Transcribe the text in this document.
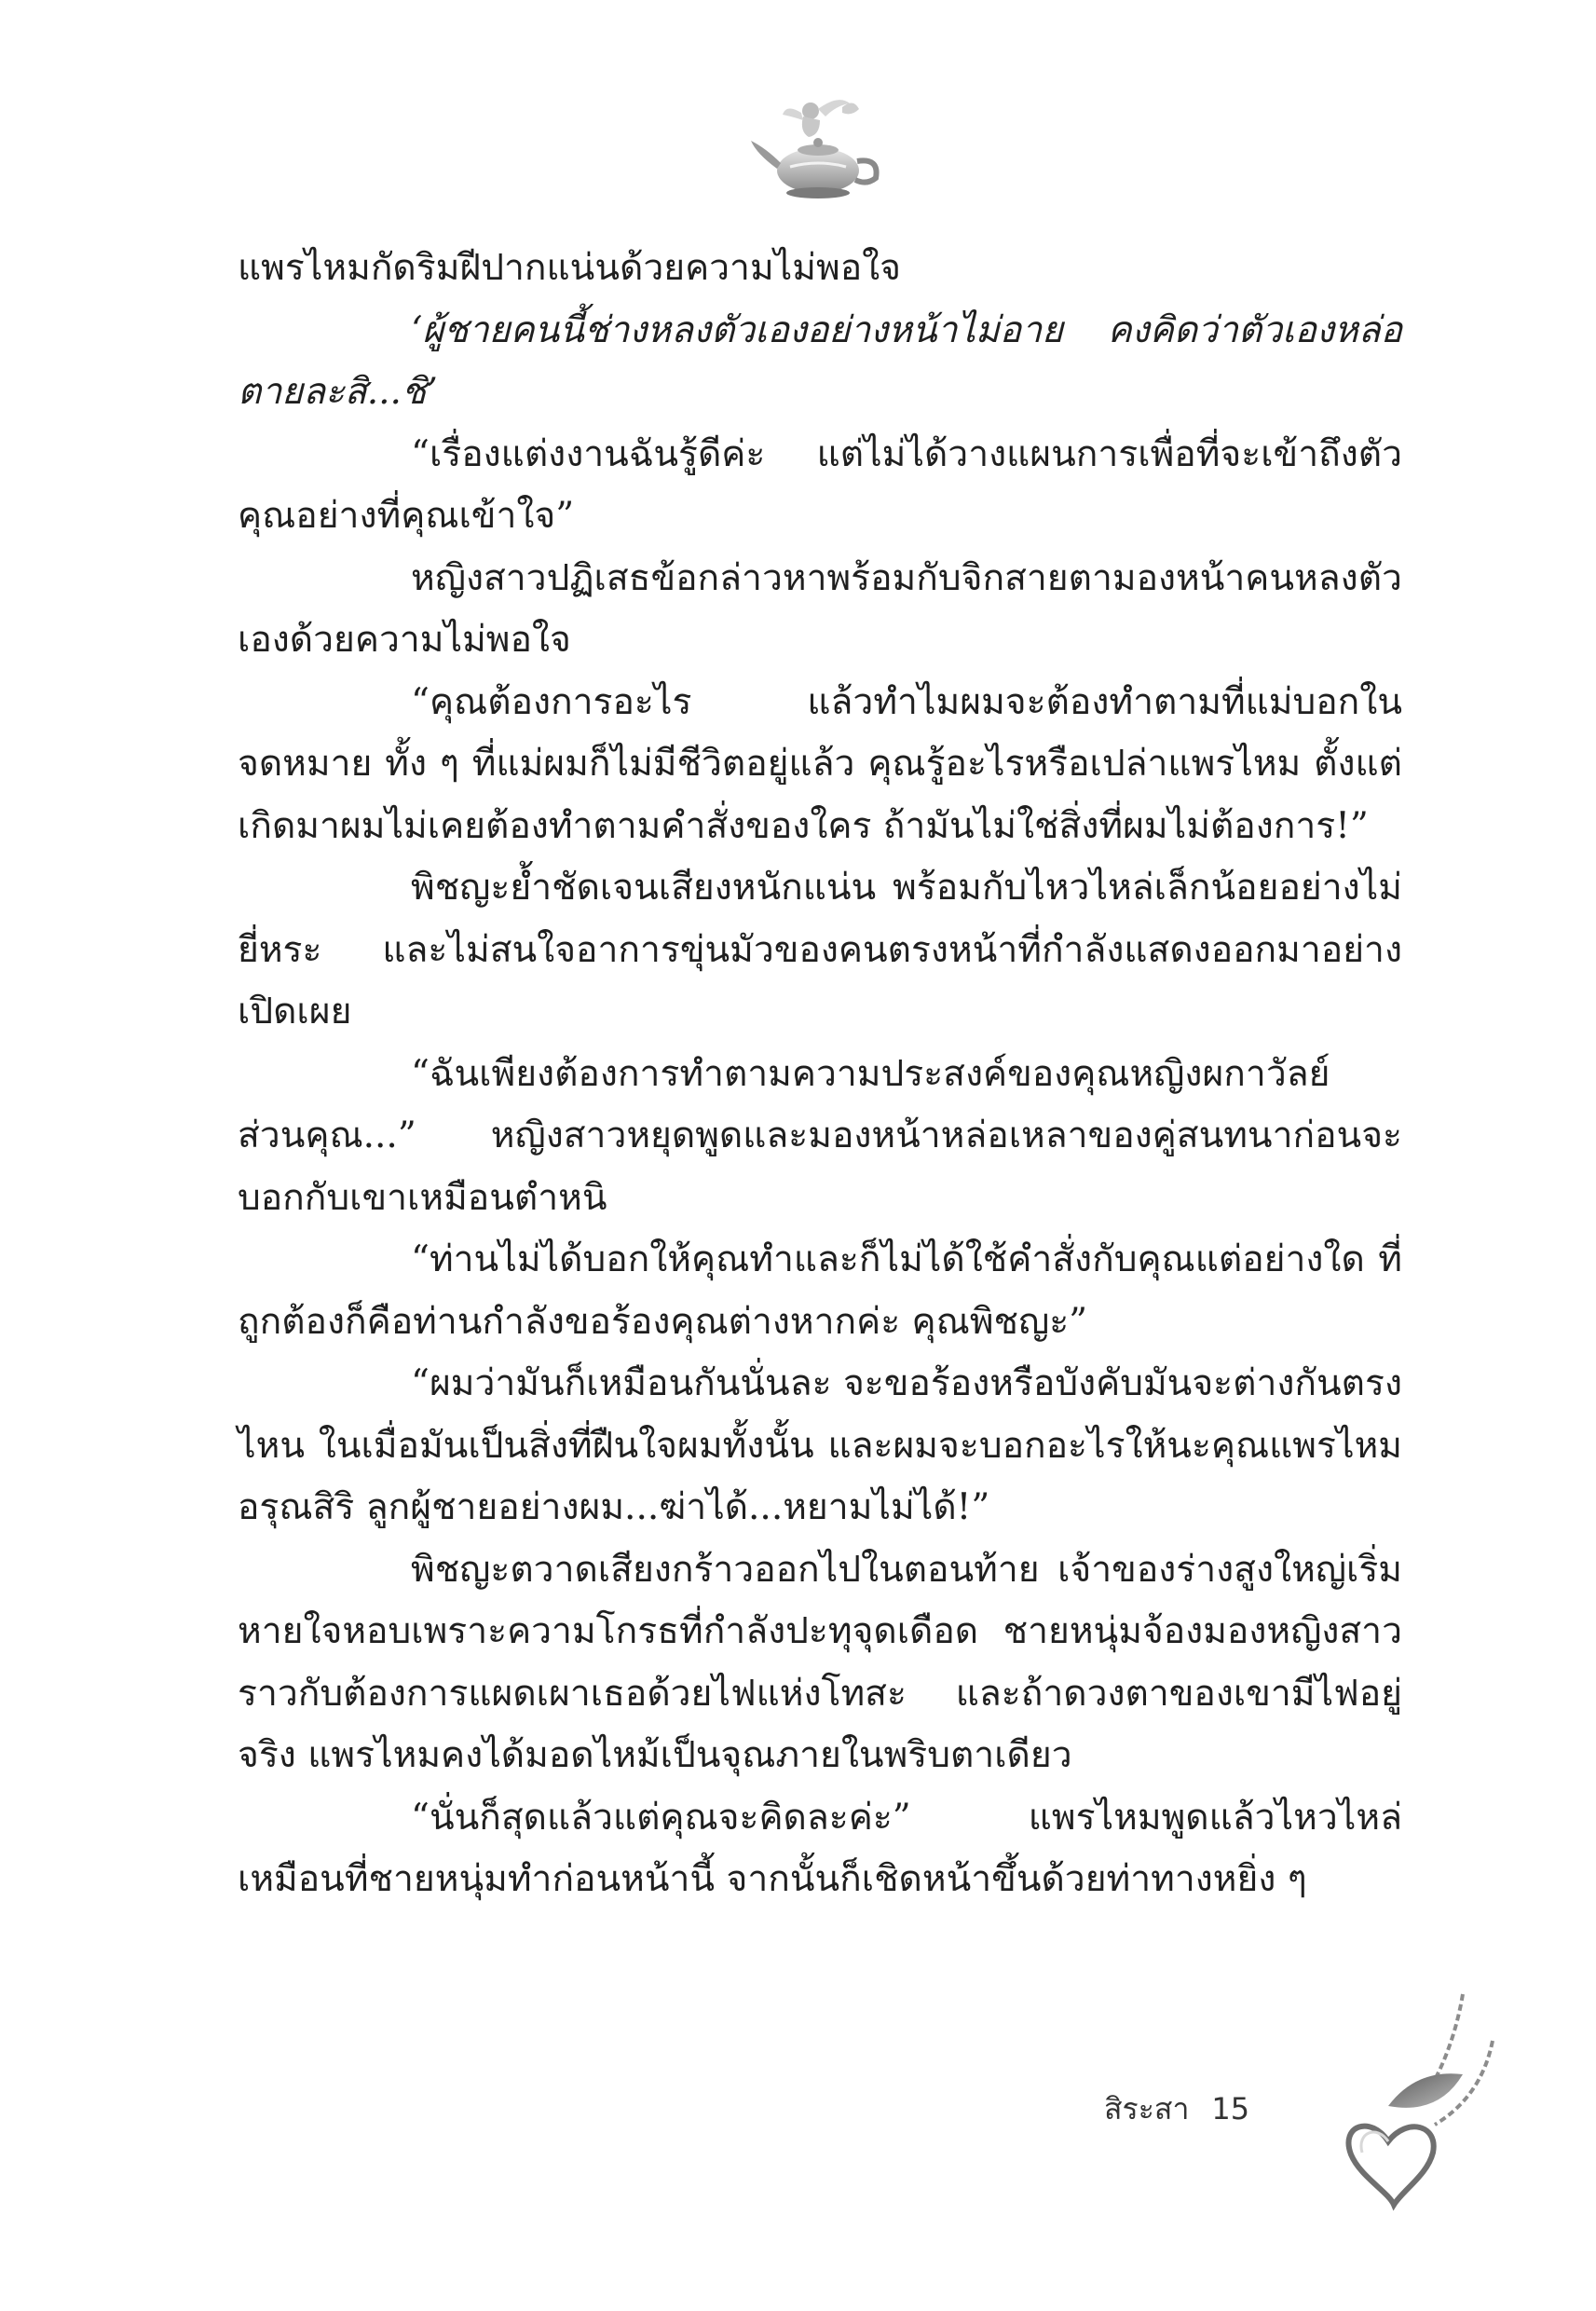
แพรไหมกัดริมฝีปากแน่นด้วยความไม่พอใจ

‘ผู้ชายคนนี้ช่างหลงตัวเองอย่างหน้าไม่อาย คงคิดว่าตัวเองหล่อตายละสิ...ชิ’

“เรื่องแต่งงานฉันรู้ดีค่ะ แต่ไม่ได้วางแผนการเพื่อที่จะเข้าถึงตัวคุณอย่างที่คุณเข้าใจ”

หญิงสาวปฏิเสธข้อกล่าวหาพร้อมกับจิกสายตามองหน้าคนหลงตัวเองด้วยความไม่พอใจ

“คุณต้องการอะไร แล้วทำไมผมจะต้องทำตามที่แม่บอกในจดหมาย ทั้ง ๆ ที่แม่ผมก็ไม่มีชีวิตอยู่แล้ว คุณรู้อะไรหรือเปล่าแพรไหม ตั้งแต่เกิดมาผมไม่เคยต้องทำตามคำสั่งของใคร ถ้ามันไม่ใช่สิ่งที่ผมไม่ต้องการ!”

พิชญะย้ำชัดเจนเสียงหนักแน่น พร้อมกับไหวไหล่เล็กน้อยอย่างไม่ยี่หระ และไม่สนใจอาการขุ่นมัวของคนตรงหน้าที่กำลังแสดงออกมาอย่างเปิดเผย

“ฉันเพียงต้องการทำตามความประสงค์ของคุณหญิงผกาวัลย์ ส่วนคุณ...” หญิงสาวหยุดพูดและมองหน้าหล่อเหลาของคู่สนทนาก่อนจะบอกกับเขาเหมือนตำหนิ

“ท่านไม่ได้บอกให้คุณทำและก็ไม่ได้ใช้คำสั่งกับคุณแต่อย่างใด ที่ถูกต้องก็คือท่านกำลังขอร้องคุณต่างหากค่ะ คุณพิชญะ”

“ผมว่ามันก็เหมือนกันนั่นละ จะขอร้องหรือบังคับมันจะต่างกันตรงไหน ในเมื่อมันเป็นสิ่งที่ฝืนใจผมทั้งนั้น และผมจะบอกอะไรให้นะคุณแพรไหม อรุณสิริ ลูกผู้ชายอย่างผม...ฆ่าได้...หยามไม่ได้!”

พิชญะตวาดเสียงกร้าวออกไปในตอนท้าย เจ้าของร่างสูงใหญ่เริ่มหายใจหอบเพราะความโกรธที่กำลังปะทุจุดเดือด ชายหนุ่มจ้องมองหญิงสาวราวกับต้องการแผดเผาเธอด้วยไฟแห่งโทสะ และถ้าดวงตาของเขามีไฟอยู่จริง แพรไหมคงได้มอดไหม้เป็นจุณภายในพริบตาเดียว

“นั่นก็สุดแล้วแต่คุณจะคิดละค่ะ” แพรไหมพูดแล้วไหวไหล่เหมือนที่ชายหนุ่มทำก่อนหน้านี้ จากนั้นก็เชิดหน้าขึ้นด้วยท่าทางหยิ่ง ๆ

สิระสา 15
